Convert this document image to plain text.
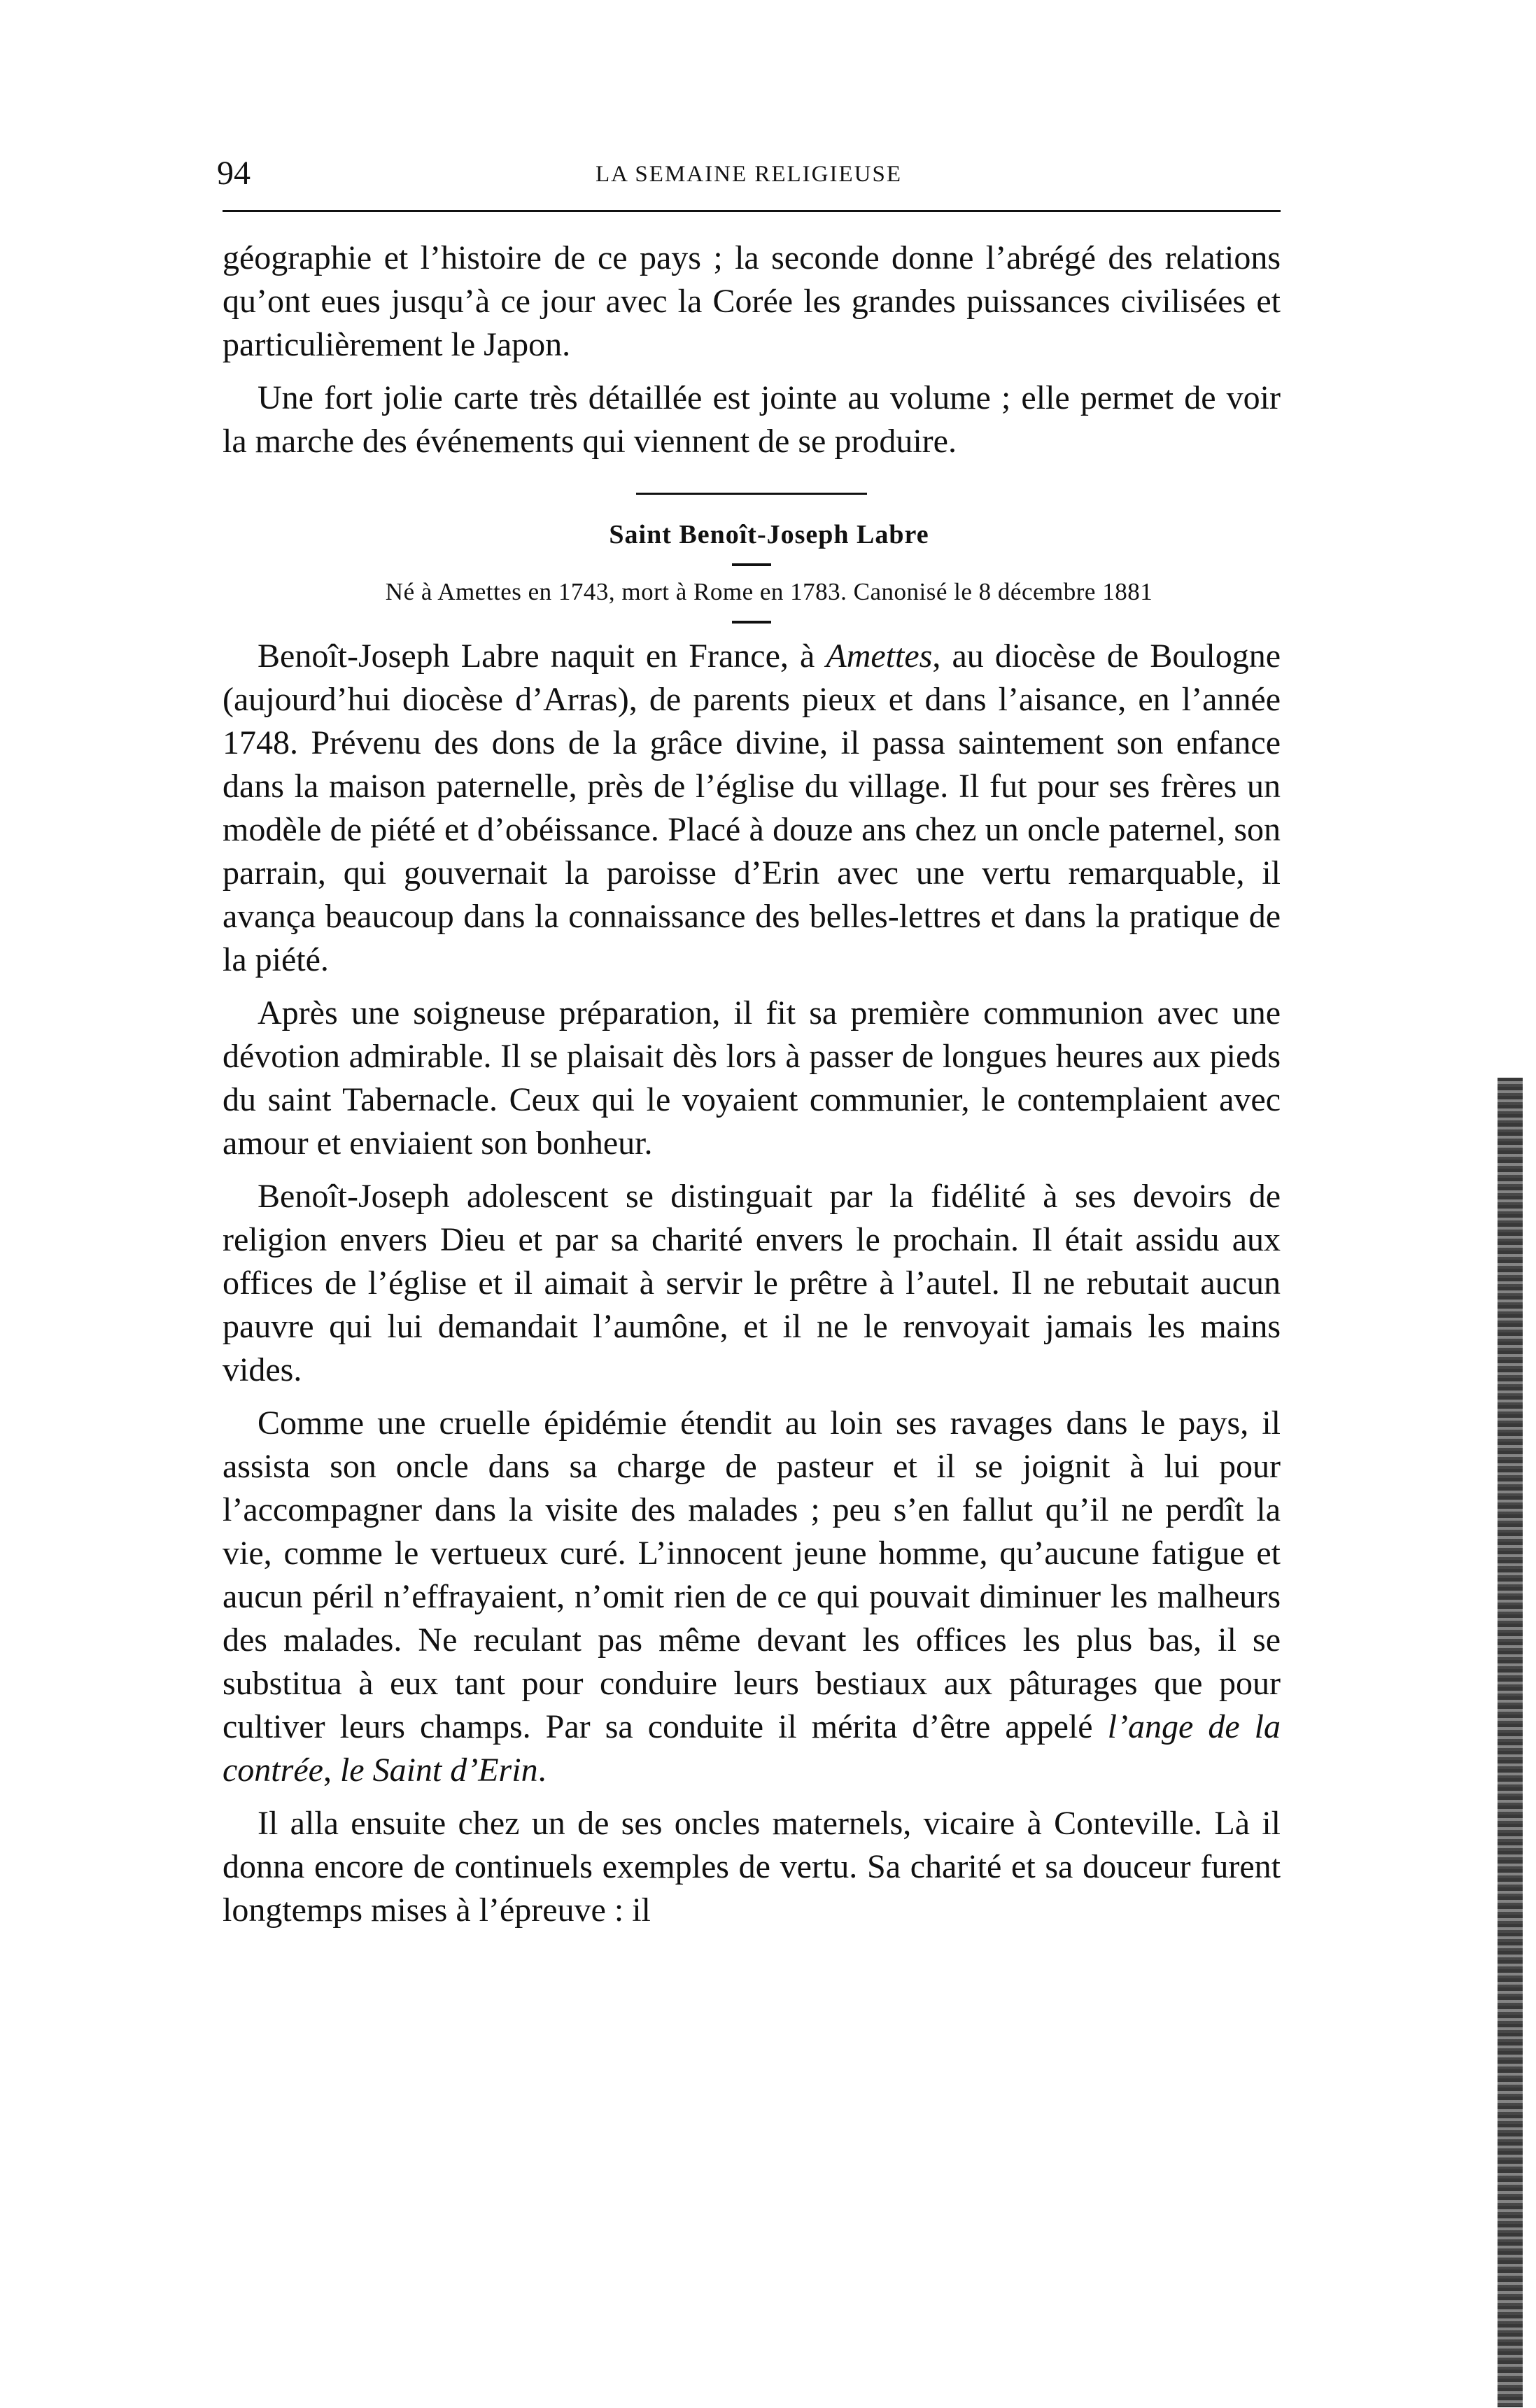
94	LA SEMAINE RELIGIEUSE

géographie et l’histoire de ce pays ; la seconde donne l’abrégé des relations qu’ont eues jusqu’à ce jour avec la Corée les grandes puissances civilisées et particulièrement le Japon.

Une fort jolie carte très détaillée est jointe au volume ; elle permet de voir la marche des événements qui viennent de se produire.

Saint Benoît-Joseph Labre

Né à Amettes en 1743, mort à Rome en 1783. Canonisé le 8 décembre 1881

Benoît-Joseph Labre naquit en France, à Amettes, au diocèse de Boulogne (aujourd’hui diocèse d’Arras), de parents pieux et dans l’aisance, en l’année 1748. Prévenu des dons de la grâce divine, il passa saintement son enfance dans la maison paternelle, près de l’église du village. Il fut pour ses frères un modèle de piété et d’obéissance. Placé à douze ans chez un oncle paternel, son parrain, qui gouvernait la paroisse d’Erin avec une vertu remarquable, il avança beaucoup dans la connaissance des belles-lettres et dans la pratique de la piété.

Après une soigneuse préparation, il fit sa première communion avec une dévotion admirable. Il se plaisait dès lors à passer de longues heures aux pieds du saint Tabernacle. Ceux qui le voyaient communier, le contemplaient avec amour et enviaient son bonheur.

Benoît-Joseph adolescent se distinguait par la fidélité à ses devoirs de religion envers Dieu et par sa charité envers le prochain. Il était assidu aux offices de l’église et il aimait à servir le prêtre à l’autel. Il ne rebutait aucun pauvre qui lui demandait l’aumône, et il ne le renvoyait jamais les mains vides.

Comme une cruelle épidémie étendit au loin ses ravages dans le pays, il assista son oncle dans sa charge de pasteur et il se joignit à lui pour l’accompagner dans la visite des malades ; peu s’en fallut qu’il ne perdît la vie, comme le vertueux curé. L’innocent jeune homme, qu’aucune fatigue et aucun péril n’effrayaient, n’omit rien de ce qui pouvait diminuer les malheurs des malades. Ne reculant pas même devant les offices les plus bas, il se substitua à eux tant pour conduire leurs bestiaux aux pâturages que pour cultiver leurs champs. Par sa conduite il mérita d’être appelé l’ange de la contrée, le Saint d’Erin.

Il alla ensuite chez un de ses oncles maternels, vicaire à Conteville. Là il donna encore de continuels exemples de vertu. Sa charité et sa douceur furent longtemps mises à l’épreuve : il
